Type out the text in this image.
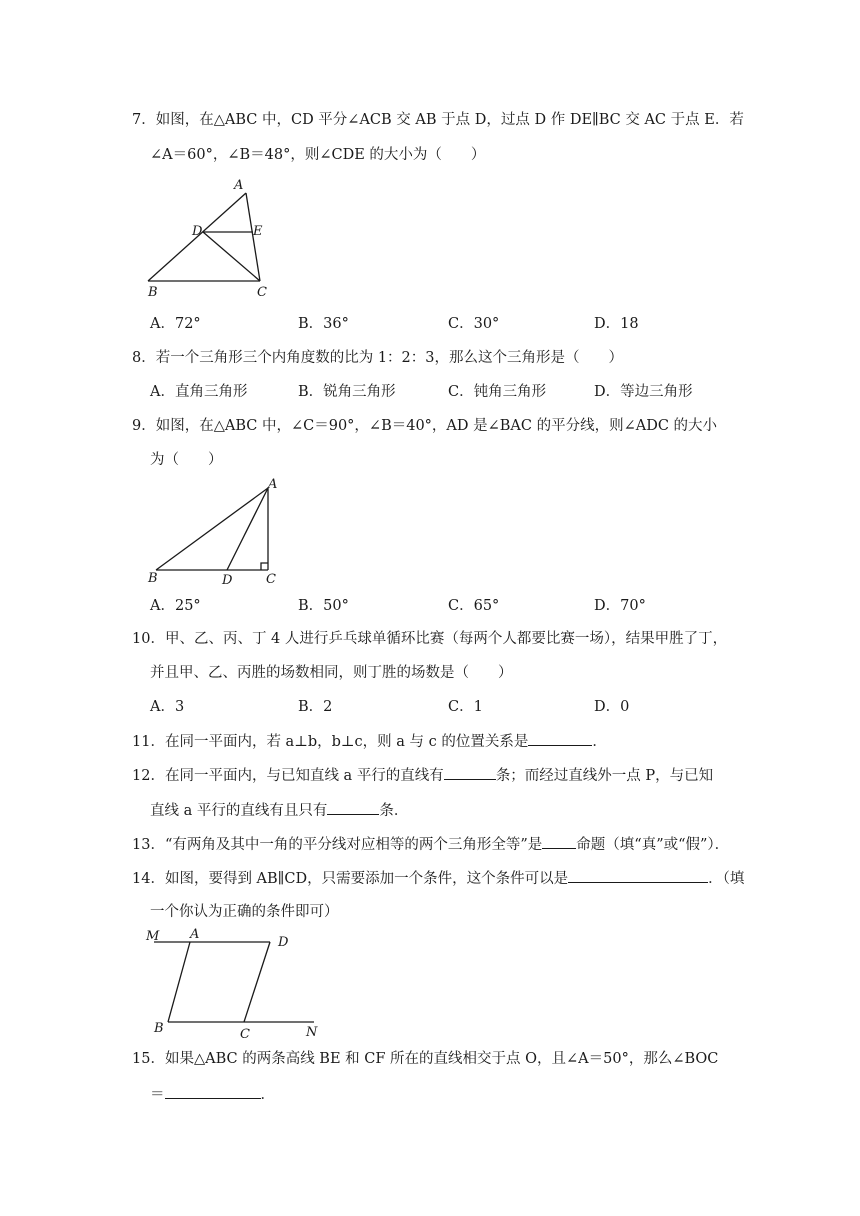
7．如图，在△ABC 中，CD 平分∠ACB 交 AB 于点 D，过点 D 作 DE∥BC 交 AC 于点 E．若
∠A＝60°，∠B＝48°，则∠CDE 的大小为（　　）
A
D	E
B	C
A．72°	B．36°	C．30°	D．18
8．若一个三角形三个内角度数的比为 1：2：3，那么这个三角形是（　　）
A．直角三角形	B．锐角三角形	C．钝角三角形	D．等边三角形
9．如图，在△ABC 中，∠C＝90°，∠B＝40°，AD 是∠BAC 的平分线，则∠ADC 的大小
为（　　）
A
B	D	C
A．25°	B．50°	C．65°	D．70°
10．甲、乙、丙、丁 4 人进行乒乓球单循环比赛（每两个人都要比赛一场），结果甲胜了丁，
并且甲、乙、丙胜的场数相同，则丁胜的场数是（　　）
A．3	B．2	C．1	D．0
11．在同一平面内，若 a⊥b，b⊥c，则 a 与 c 的位置关系是	．
12．在同一平面内，与已知直线 a 平行的直线有	条；而经过直线外一点 P，与已知
直线 a 平行的直线有且只有	条．
13．“有两角及其中一角的平分线对应相等的两个三角形全等”是 命题（填“真”或“假”）．
14．如图，要得到 AB∥CD，只需要添加一个条件，这个条件可以是	．（填
一个你认为正确的条件即可）
M A
D
B	C	N
15．如果△ABC 的两条高线 BE 和 CF 所在的直线相交于点 O，且∠A＝50°，那么∠BOC
＝	．
